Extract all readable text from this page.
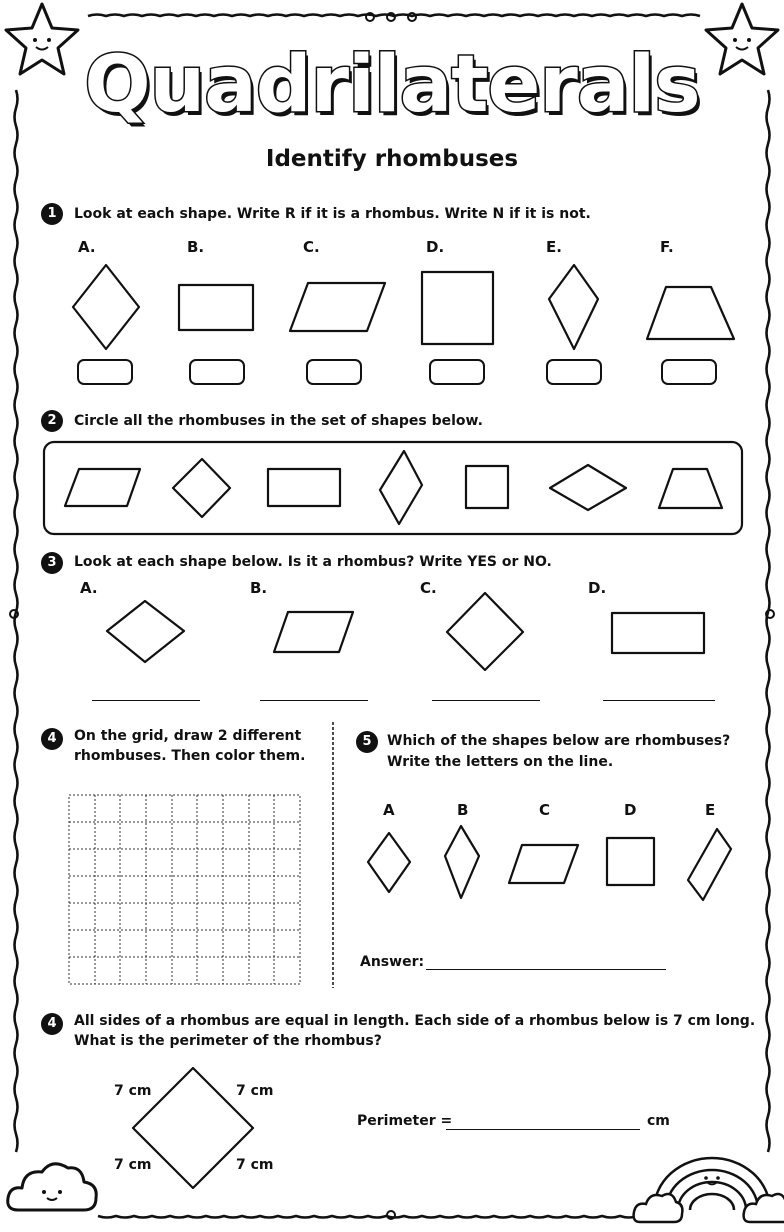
Quadrilaterals
Identify rhombuses
1	Look at each shape. Write R if it is a rhombus. Write N if it is not.
A.	B.	C.	D.	E.	F.
2	Circle all the rhombuses in the set of shapes below.
3	Look at each shape below. Is it a rhombus? Write YES or NO.
A.	B.	C.	D.
4	On the grid, draw 2 different
rhombuses. Then color them.
5	Which of the shapes below are rhombuses?
Write the letters on the line.
A	B	C	D	E
Answer:
4	All sides of a rhombus are equal in length. Each side of a rhombus below is 7 cm long.
What is the perimeter of the rhombus?
7 cm	7 cm
7 cm	7 cm
Perimeter =	cm
